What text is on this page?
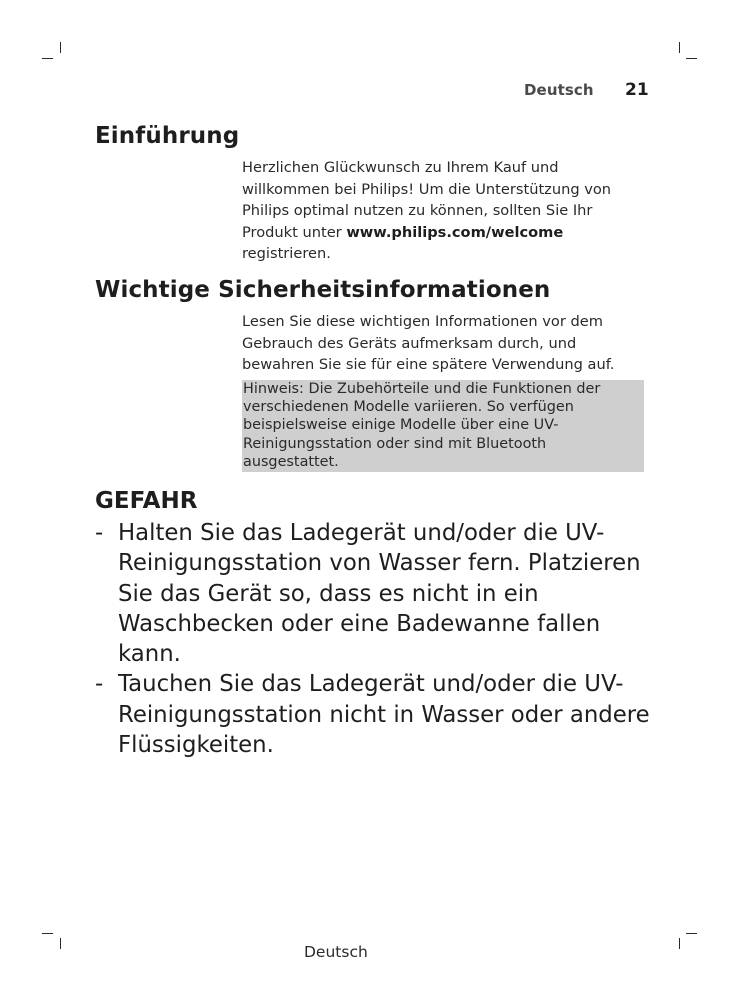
Deutsch 21
Einführung
Herzlichen Glückwunsch zu Ihrem Kauf und willkommen bei Philips! Um die Unterstützung von Philips optimal nutzen zu können, sollten Sie Ihr Produkt unter www.philips.com/welcome registrieren.
Wichtige Sicherheitsinformationen
Lesen Sie diese wichtigen Informationen vor dem Gebrauch des Geräts aufmerksam durch, und bewahren Sie sie für eine spätere Verwendung auf.
Hinweis: Die Zubehörteile und die Funktionen der verschiedenen Modelle variieren. So verfügen beispielsweise einige Modelle über eine UV-Reinigungsstation oder sind mit Bluetooth ausgestattet.
GEFAHR
- Halten Sie das Ladegerät und/oder die UV-Reinigungsstation von Wasser fern. Platzieren Sie das Gerät so, dass es nicht in ein Waschbecken oder eine Badewanne fallen kann.
- Tauchen Sie das Ladegerät und/oder die UV-Reinigungsstation nicht in Wasser oder andere Flüssigkeiten.
Deutsch
